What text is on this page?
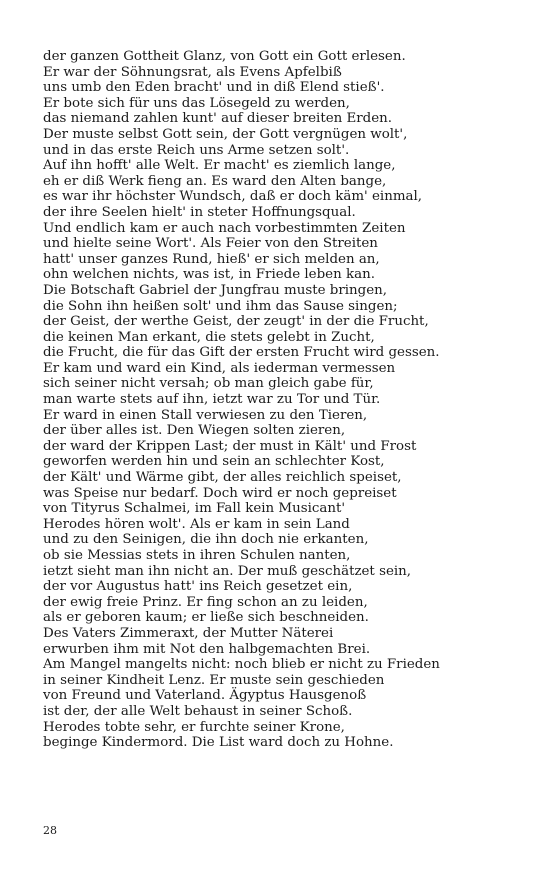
der ganzen Gottheit Glanz, von Gott ein Gott erlesen.
Er war der Söhnungsrat, als Evens Apfelbiß
uns umb den Eden bracht' und in diß Elend stieß'.
Er bote sich für uns das Lösegeld zu werden,
das niemand zahlen kunt' auf dieser breiten Erden.
Der muste selbst Gott sein, der Gott vergnügen wolt',
und in das erste Reich uns Arme setzen solt'.
Auf ihn hofft' alle Welt. Er macht' es ziemlich lange,
eh er diß Werk fieng an. Es ward den Alten bange,
es war ihr höchster Wundsch, daß er doch käm' einmal,
der ihre Seelen hielt' in steter Hoffnungsqual.
Und endlich kam er auch nach vorbestimmten Zeiten
und hielte seine Wort'. Als Feier von den Streiten
hatt' unser ganzes Rund, hieß' er sich melden an,
ohn welchen nichts, was ist, in Friede leben kan.
Die Botschaft Gabriel der Jungfrau muste bringen,
die Sohn ihn heißen solt' und ihm das Sause singen;
der Geist, der werthe Geist, der zeugt' in der die Frucht,
die keinen Man erkant, die stets gelebt in Zucht,
die Frucht, die für das Gift der ersten Frucht wird gessen.
Er kam und ward ein Kind, als iederman vermessen
sich seiner nicht versah; ob man gleich gabe für,
man warte stets auf ihn, ietzt war zu Tor und Tür.
Er ward in einen Stall verwiesen zu den Tieren,
der über alles ist. Den Wiegen solten zieren,
der ward der Krippen Last; der must in Kält' und Frost
geworfen werden hin und sein an schlechter Kost,
der Kält' und Wärme gibt, der alles reichlich speiset,
was Speise nur bedarf. Doch wird er noch gepreiset
von Tityrus Schalmei, im Fall kein Musicant'
Herodes hören wolt'. Als er kam in sein Land
und zu den Seinigen, die ihn doch nie erkanten,
ob sie Messias stets in ihren Schulen nanten,
ietzt sieht man ihn nicht an. Der muß geschätzet sein,
der vor Augustus hatt' ins Reich gesetzet ein,
der ewig freie Prinz. Er fing schon an zu leiden,
als er geboren kaum; er ließe sich beschneiden.
Des Vaters Zimmeraxt, der Mutter Näterei
erwurben ihm mit Not den halbgemachten Brei.
Am Mangel mangelts nicht: noch blieb er nicht zu Frieden
in seiner Kindheit Lenz. Er muste sein geschieden
von Freund und Vaterland. Ägyptus Hausgenoß
ist der, der alle Welt behaust in seiner Schoß.
Herodes tobte sehr, er furchte seiner Krone,
beginge Kindermord. Die List ward doch zu Hohne.
28
